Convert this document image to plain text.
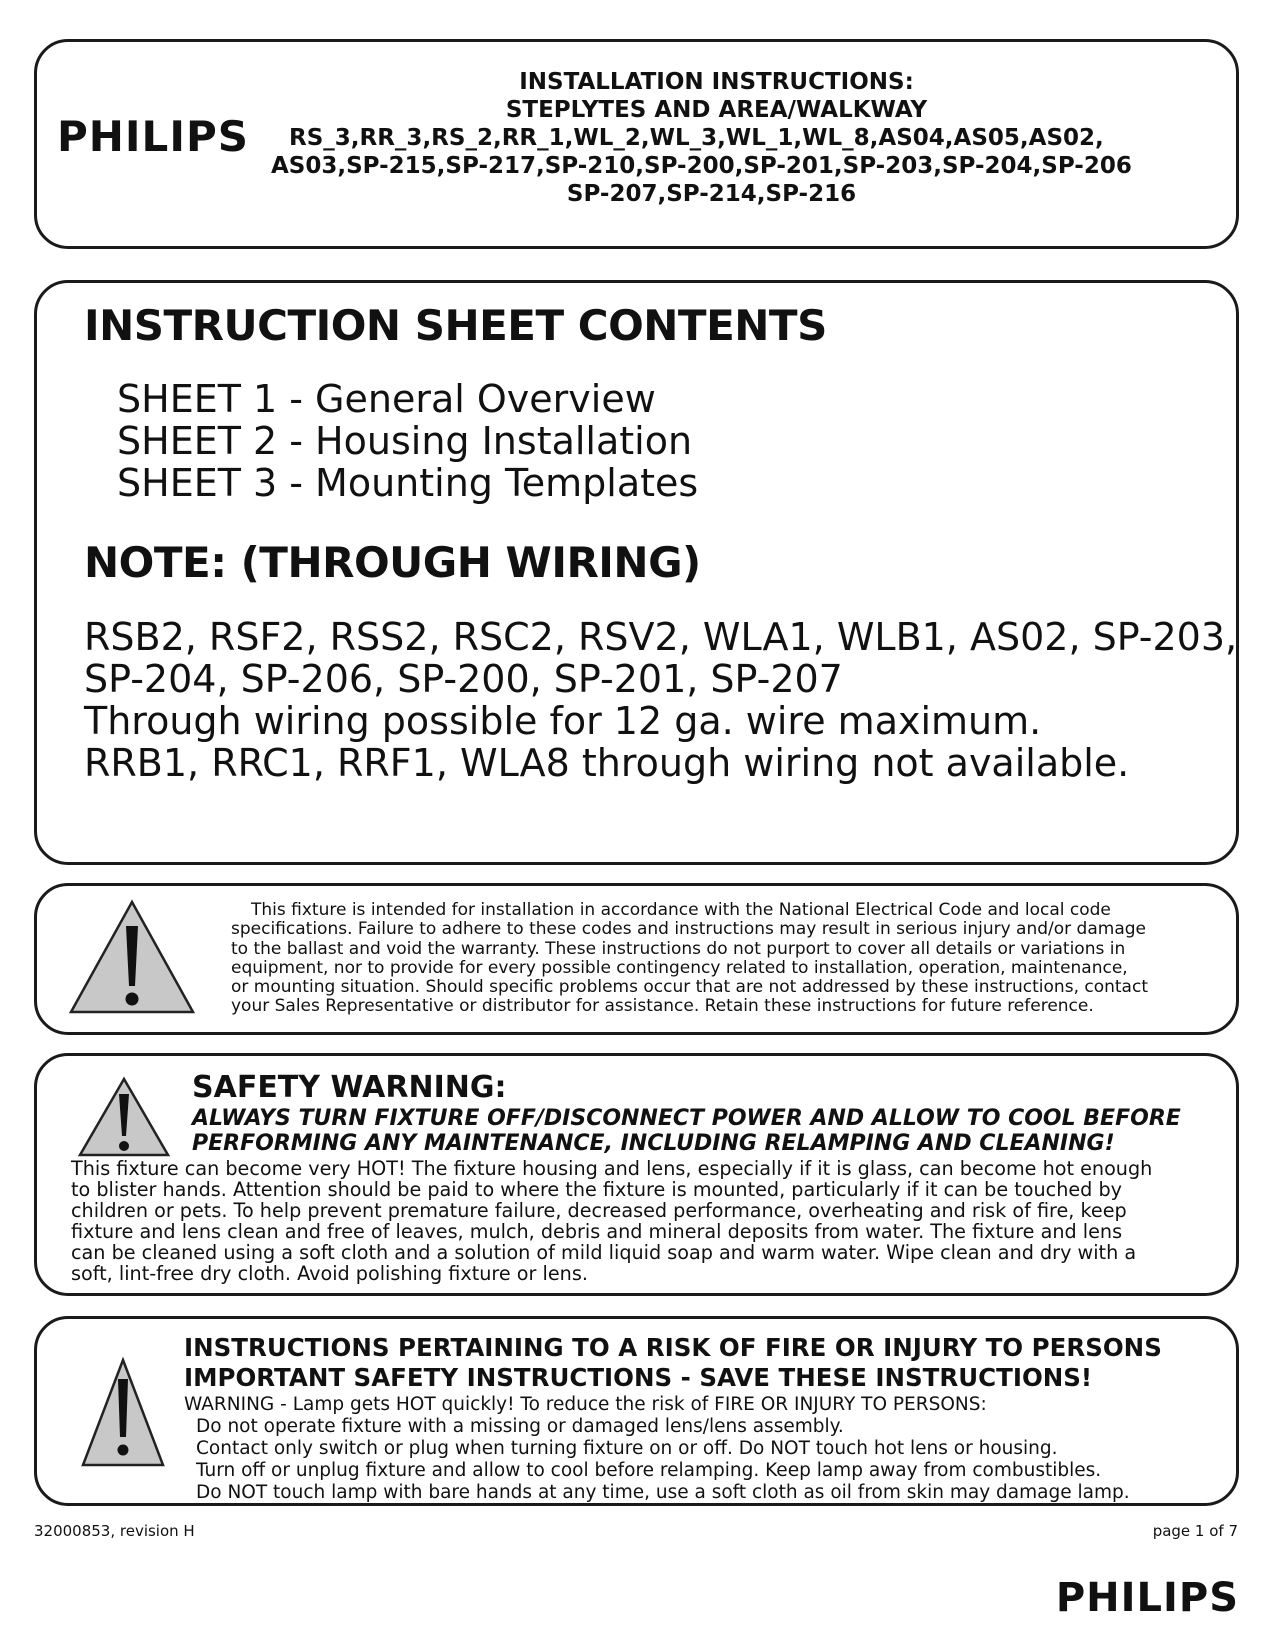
PHILIPS
INSTALLATION INSTRUCTIONS:
STEPLYTES AND AREA/WALKWAY
RS_3,RR_3,RS_2,RR_1,WL_2,WL_3,WL_1,WL_8,AS04,AS05,AS02,
AS03,SP-215,SP-217,SP-210,SP-200,SP-201,SP-203,SP-204,SP-206
SP-207,SP-214,SP-216
INSTRUCTION SHEET CONTENTS
SHEET 1 - General Overview
SHEET 2 - Housing Installation
SHEET 3 - Mounting Templates
NOTE: (THROUGH WIRING)
RSB2, RSF2, RSS2, RSC2, RSV2, WLA1, WLB1, AS02, SP-203,
SP-204, SP-206, SP-200, SP-201, SP-207
Through wiring possible for 12 ga. wire maximum.
RRB1, RRC1, RRF1, WLA8 through wiring not available.
This fixture is intended for installation in accordance with the National Electrical Code and local code
specifications. Failure to adhere to these codes and instructions may result in serious injury and/or damage
to the ballast and void the warranty. These instructions do not purport to cover all details or variations in
equipment, nor to provide for every possible contingency related to installation, operation, maintenance,
or mounting situation. Should specific problems occur that are not addressed by these instructions, contact
your Sales Representative or distributor for assistance. Retain these instructions for future reference.
SAFETY WARNING:
ALWAYS TURN FIXTURE OFF/DISCONNECT POWER AND ALLOW TO COOL BEFORE
PERFORMING ANY MAINTENANCE, INCLUDING RELAMPING AND CLEANING!
This fixture can become very HOT! The fixture housing and lens, especially if it is glass, can become hot enough
to blister hands. Attention should be paid to where the fixture is mounted, particularly if it can be touched by
children or pets. To help prevent premature failure, decreased performance, overheating and risk of fire, keep
fixture and lens clean and free of leaves, mulch, debris and mineral deposits from water. The fixture and lens
can be cleaned using a soft cloth and a solution of mild liquid soap and warm water. Wipe clean and dry with a
soft, lint-free dry cloth. Avoid polishing fixture or lens.
INSTRUCTIONS PERTAINING TO A RISK OF FIRE OR INJURY TO PERSONS
IMPORTANT SAFETY INSTRUCTIONS - SAVE THESE INSTRUCTIONS!
WARNING - Lamp gets HOT quickly! To reduce the risk of FIRE OR INJURY TO PERSONS:
Do not operate fixture with a missing or damaged lens/lens assembly.
Contact only switch or plug when turning fixture on or off. Do NOT touch hot lens or housing.
Turn off or unplug fixture and allow to cool before relamping. Keep lamp away from combustibles.
Do NOT touch lamp with bare hands at any time, use a soft cloth as oil from skin may damage lamp.
32000853, revision H	page 1 of 7
PHILIPS
